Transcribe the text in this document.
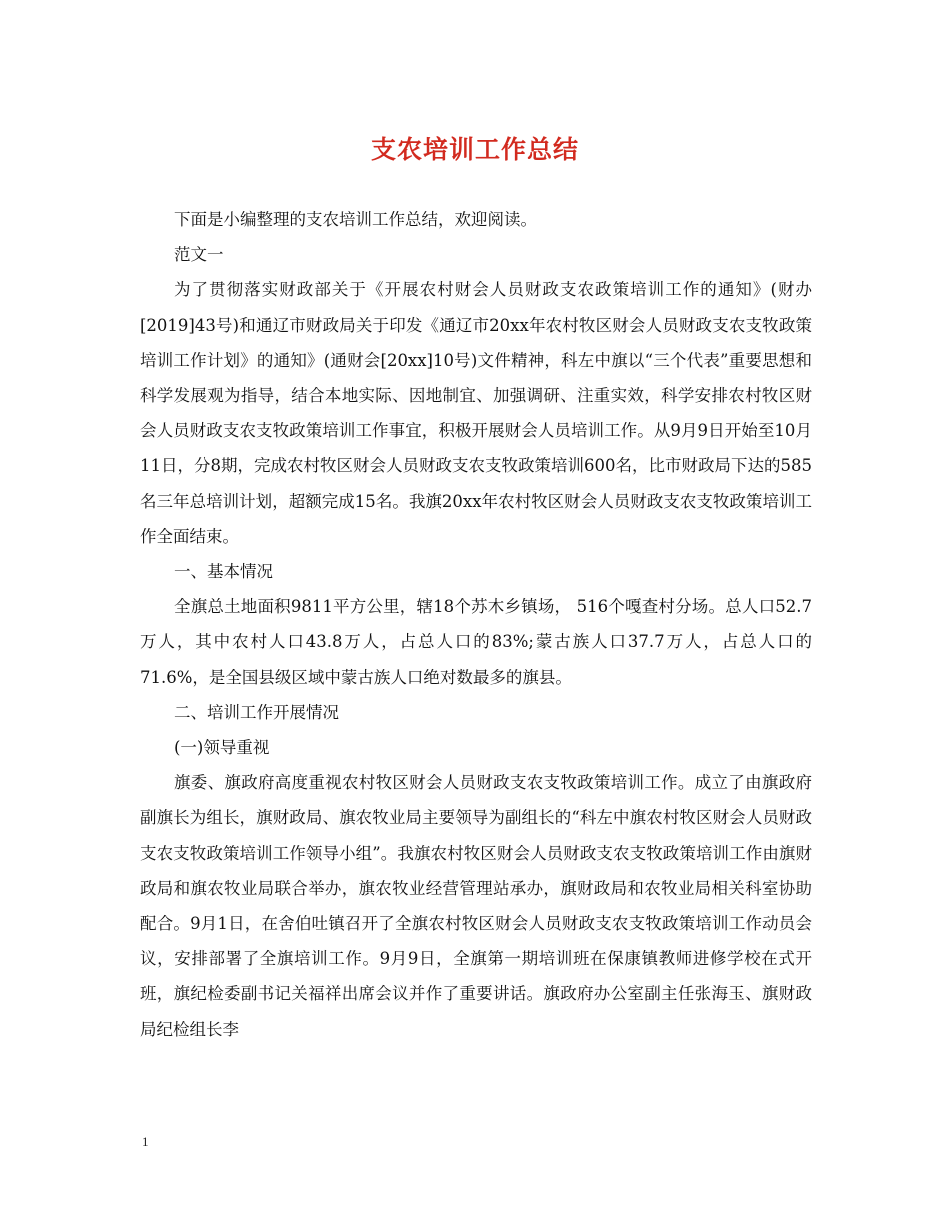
支农培训工作总结

下面是小编整理的支农培训工作总结，欢迎阅读。

范文一

为了贯彻落实财政部关于《开展农村财会人员财政支农政策培训工作的通知》(财办[2019]43号)和通辽市财政局关于印发《通辽市20xx年农村牧区财会人员财政支农支牧政策培训工作计划》的通知》(通财会[20xx]10号)文件精神，科左中旗以“三个代表”重要思想和科学发展观为指导，结合本地实际、因地制宜、加强调研、注重实效，科学安排农村牧区财会人员财政支农支牧政策培训工作事宜，积极开展财会人员培训工作。从9月9日开始至10月 11日，分8期，完成农村牧区财会人员财政支农支牧政策培训600名，比市财政局下达的585名三年总培训计划，超额完成15名。我旗20xx年农村牧区财会人员财政支农支牧政策培训工作全面结束。

一、基本情况

全旗总土地面积9811平方公里，辖18个苏木乡镇场， 516个嘎查村分场。总人口52.7万人，其中农村人口43.8万人，占总人口的83%;蒙古族人口37.7万人，占总人口的71.6%，是全国县级区域中蒙古族人口绝对数最多的旗县。

二、培训工作开展情况

(一)领导重视

旗委、旗政府高度重视农村牧区财会人员财政支农支牧政策培训工作。成立了由旗政府副旗长为组长，旗财政局、旗农牧业局主要领导为副组长的“科左中旗农村牧区财会人员财政支农支牧政策培训工作领导小组”。我旗农村牧区财会人员财政支农支牧政策培训工作由旗财政局和旗农牧业局联合举办，旗农牧业经营管理站承办，旗财政局和农牧业局相关科室协助配合。9月1日，在舍伯吐镇召开了全旗农村牧区财会人员财政支农支牧政策培训工作动员会议，安排部署了全旗培训工作。9月9日，全旗第一期培训班在保康镇教师进修学校在式开班，旗纪检委副书记关福祥出席会议并作了重要讲话。旗政府办公室副主任张海玉、旗财政局纪检组长李

1
